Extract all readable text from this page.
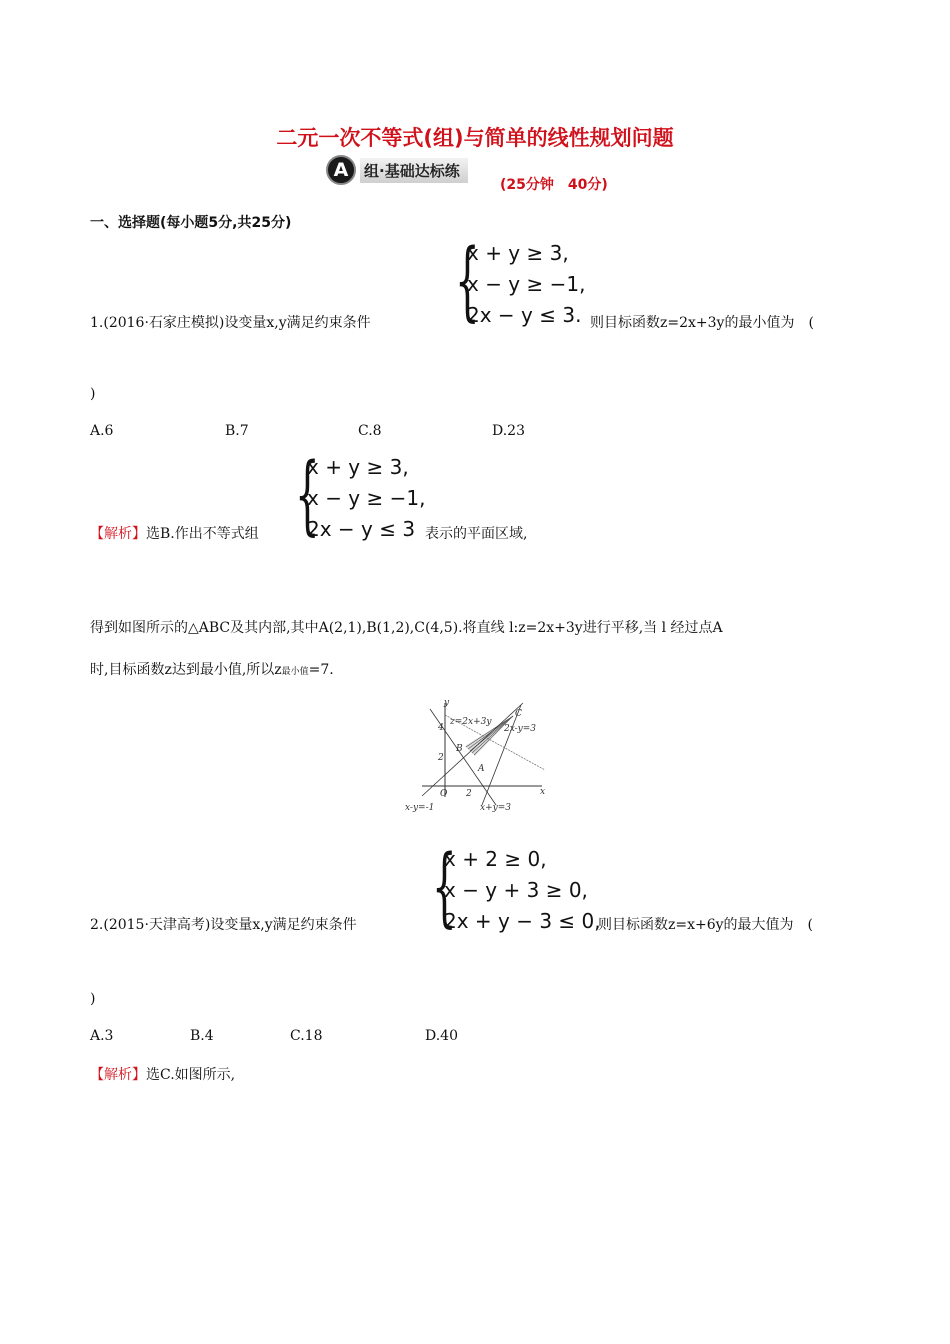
二元一次不等式(组)与简单的线性规划问题
A	组·基础达标练
(25分钟　40分)
一、选择题(每小题5分,共25分)
{
x + y ≥ 3,
x − y ≥ −1,
2x − y ≤ 3.
1.(2016·石家庄模拟)设变量x,y满足约束条件	则目标函数z=2x+3y的最小值为　(
)
A.6	B.7	C.8	D.23
{
x + y ≥ 3,
x − y ≥ −1,
2x − y ≤ 3
【解析】选B.作出不等式组	表示的平面区域,
得到如图所示的△ABC及其内部,其中A(2,1),B(1,2),C(4,5).将直线 l:z=2x+3y进行平移,当 l 经过点A
时,目标函数z达到最小值,所以z最小值=7.
y
x
O
4
2
2
A
B
C
z=2x+3y
2x-y=3
x-y=-1	x+y=3
{
x + 2 ≥ 0,
x − y + 3 ≥ 0,
2x + y − 3 ≤ 0,
2.(2015·天津高考)设变量x,y满足约束条件	则目标函数z=x+6y的最大值为　(
)
A.3	B.4	C.18	D.40
【解析】选C.如图所示,
